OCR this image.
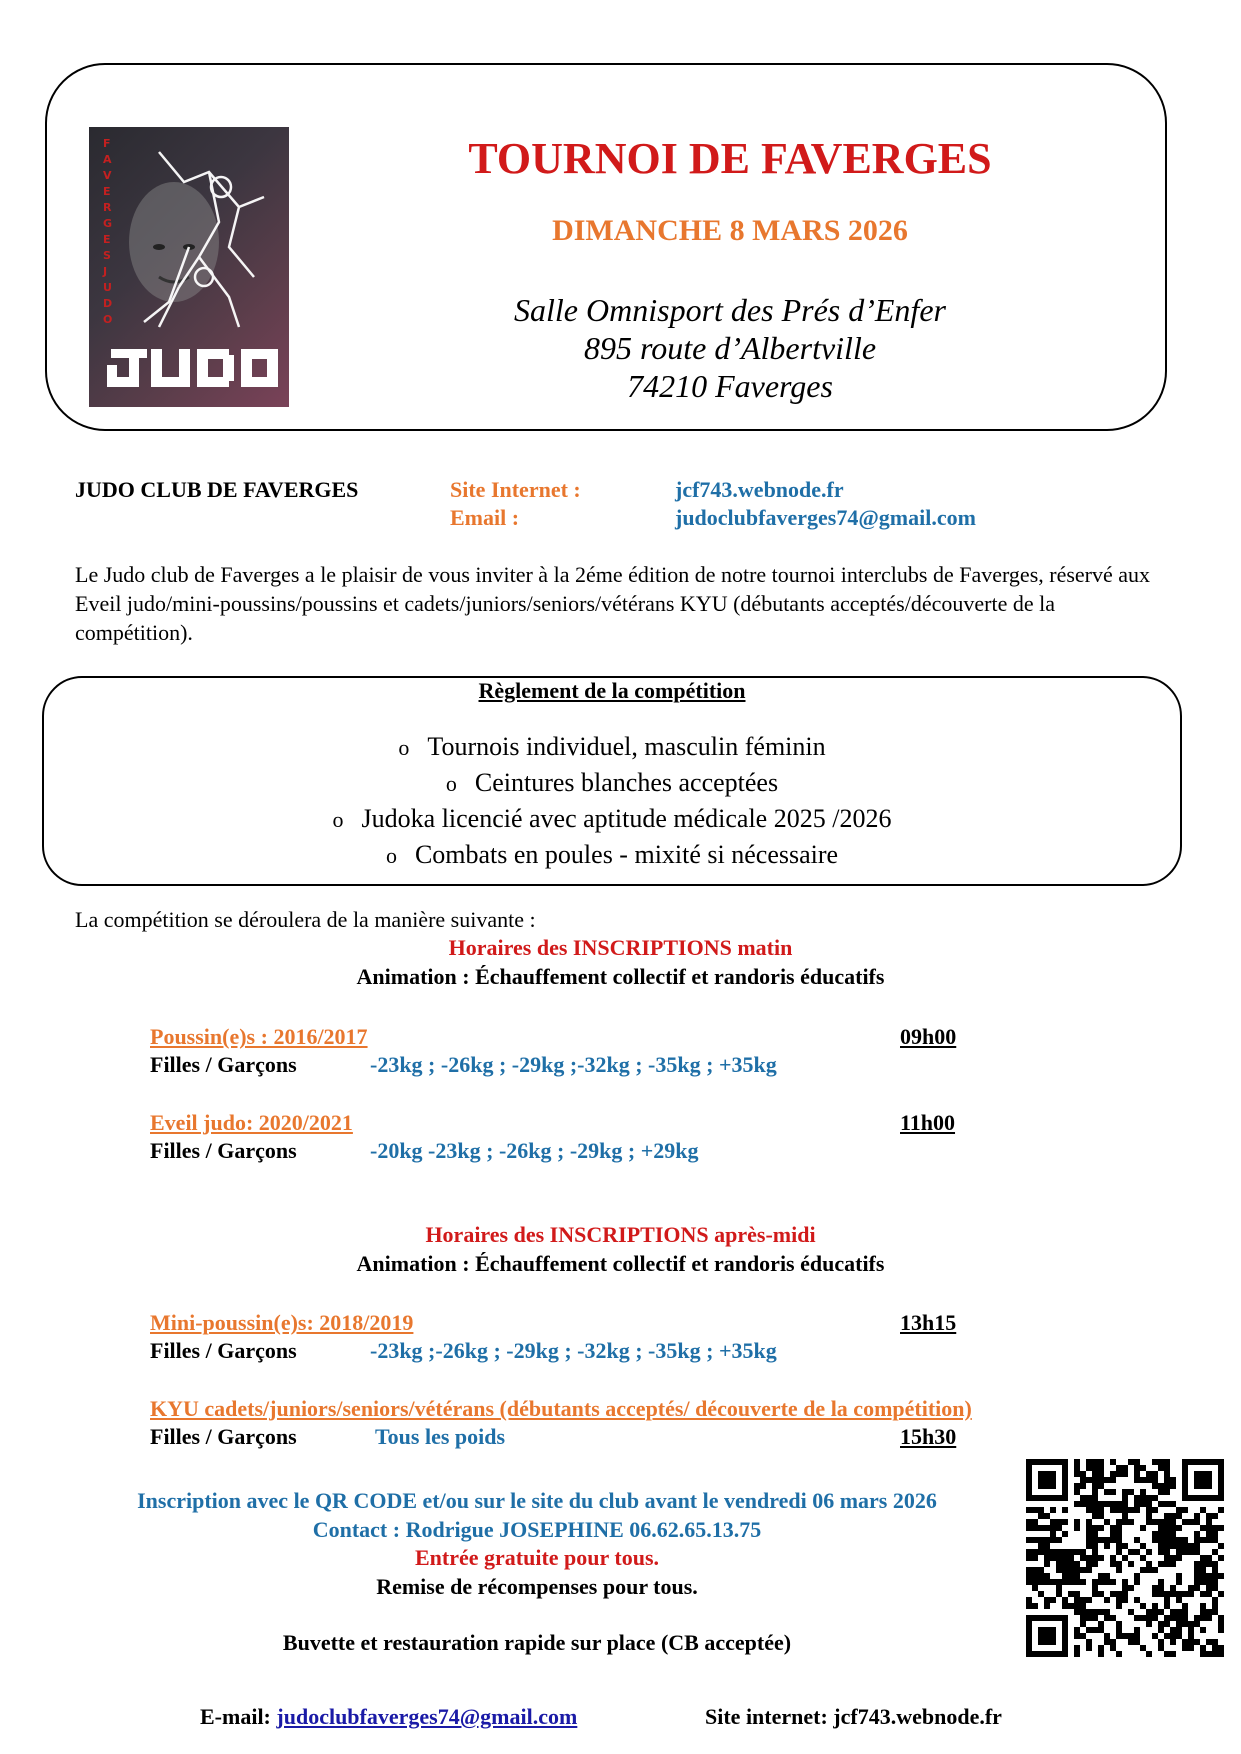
F
A
V
E
R
G
E
S
J
U
D
O
TOURNOI DE FAVERGES
DIMANCHE 8 MARS 2026
Salle Omnisport des Prés d’Enfer
895 route d’Albertville
74210 Faverges
JUDO CLUB DE FAVERGES	Site Internet :	jcf743.webnode.fr
Email :	judoclubfaverges74@gmail.com
Le Judo club de Faverges a le plaisir de vous inviter à la 2éme édition de notre tournoi interclubs de Faverges, réservé aux Eveil judo/mini-poussins/poussins et cadets/juniors/seniors/vétérans KYU (débutants acceptés/découverte de la compétition).
Règlement de la compétition
o Tournois individuel, masculin féminin
o Ceintures blanches acceptées
o Judoka licencié avec aptitude médicale 2025 /2026
o Combats en poules - mixité si nécessaire
La compétition se déroulera de la manière suivante :
Horaires des INSCRIPTIONS matin
Animation : Échauffement collectif et randoris éducatifs
Poussin(e)s : 2016/2017	09h00
Filles / Garçons	-23kg ; -26kg ; -29kg ;-32kg ; -35kg ; +35kg
Eveil judo: 2020/2021	11h00
Filles / Garçons	-20kg -23kg ; -26kg ; -29kg ; +29kg
Horaires des INSCRIPTIONS après-midi
Animation : Échauffement collectif et randoris éducatifs
Mini-poussin(e)s: 2018/2019	13h15
Filles / Garçons	-23kg ;-26kg ; -29kg ; -32kg ; -35kg ; +35kg
KYU cadets/juniors/seniors/vétérans (débutants acceptés/ découverte de la compétition)
Filles / Garçons	Tous les poids	15h30
Inscription avec le QR CODE et/ou sur le site du club avant le vendredi 06 mars 2026
Contact : Rodrigue JOSEPHINE 06.62.65.13.75
Entrée gratuite pour tous.
Remise de récompenses pour tous.
Buvette et restauration rapide sur place (CB acceptée)
E-mail: judoclubfaverges74@gmail.com	Site internet: jcf743.webnode.fr
